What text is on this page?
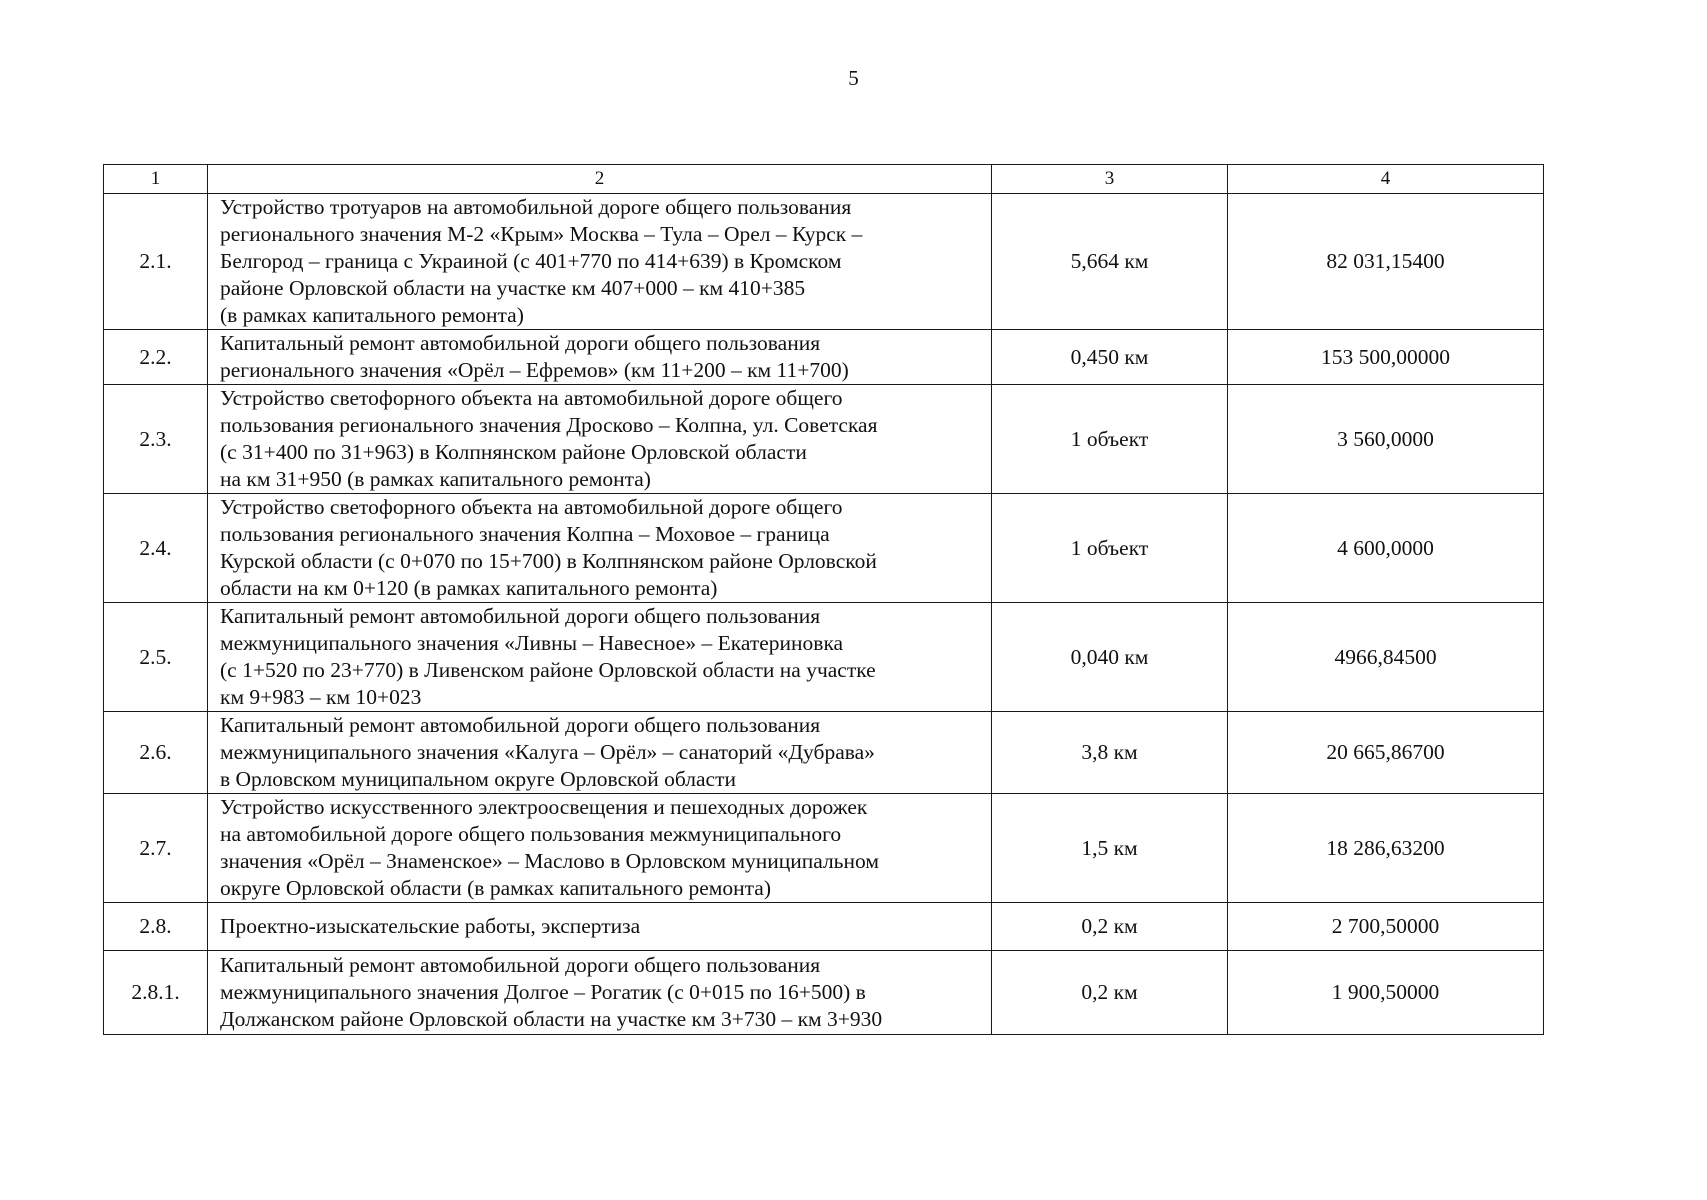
5
1	2	3	4
2.1.	Устройство тротуаров на автомобильной дороге общего пользования
регионального значения М-2 «Крым» Москва – Тула – Орел – Курск –
Белгород – граница с Украиной (с 401+770 по 414+639) в Кромском
районе Орловской области на участке км 407+000 – км 410+385
(в рамках капитального ремонта)	5,664 км	82 031,15400
2.2.	Капитальный ремонт автомобильной дороги общего пользования
регионального значения «Орёл – Ефремов» (км 11+200 – км 11+700)	0,450 км	153 500,00000
2.3.	Устройство светофорного объекта на автомобильной дороге общего
пользования регионального значения Дросково – Колпна, ул. Советская
(с 31+400 по 31+963) в Колпнянском районе Орловской области
на км 31+950 (в рамках капитального ремонта)	1 объект	3 560,0000
2.4.	Устройство светофорного объекта на автомобильной дороге общего
пользования регионального значения Колпна – Моховое – граница
Курской области (с 0+070 по 15+700) в Колпнянском районе Орловской
области на км 0+120 (в рамках капитального ремонта)	1 объект	4 600,0000
2.5.	Капитальный ремонт автомобильной дороги общего пользования
межмуниципального значения «Ливны – Навесное» – Екатериновка
(с 1+520 по 23+770) в Ливенском районе Орловской области на участке
км 9+983 – км 10+023	0,040 км	4966,84500
2.6.	Капитальный ремонт автомобильной дороги общего пользования
межмуниципального значения «Калуга – Орёл» – санаторий «Дубрава»
в Орловском муниципальном округе Орловской области	3,8 км	20 665,86700
2.7.	Устройство искусственного электроосвещения и пешеходных дорожек
на автомобильной дороге общего пользования межмуниципального
значения «Орёл – Знаменское» – Маслово в Орловском муниципальном
округе Орловской области (в рамках капитального ремонта)	1,5 км	18 286,63200
2.8.	Проектно-изыскательские работы, экспертиза	0,2 км	2 700,50000
2.8.1.	Капитальный ремонт автомобильной дороги общего пользования
межмуниципального значения Долгое – Рогатик (с 0+015 по 16+500) в
Должанском районе Орловской области на участке км 3+730 – км 3+930	0,2 км	1 900,50000
